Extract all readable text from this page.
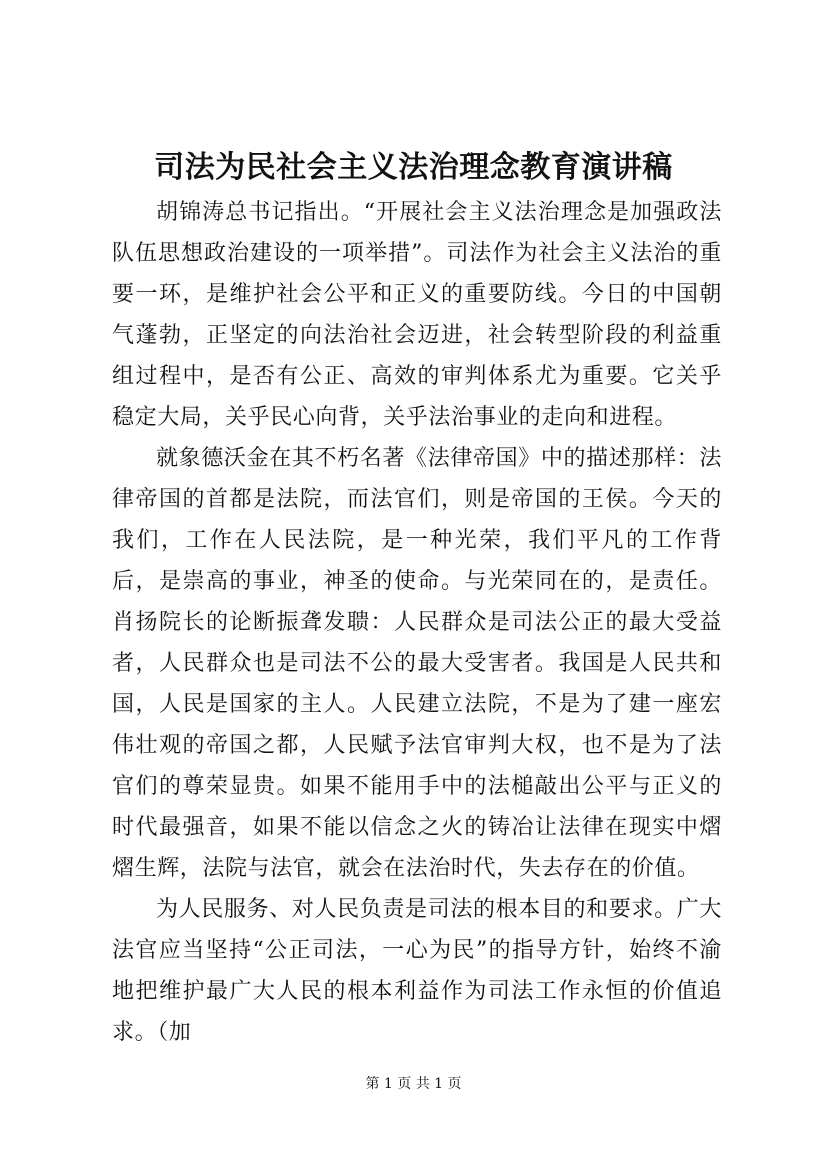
司法为民社会主义法治理念教育演讲稿

胡锦涛总书记指出。“开展社会主义法治理念是加强政法队伍思想政治建设的一项举措”。司法作为社会主义法治的重要一环，是维护社会公平和正义的重要防线。今日的中国朝气蓬勃，正坚定的向法治社会迈进，社会转型阶段的利益重组过程中，是否有公正、高效的审判体系尤为重要。它关乎稳定大局，关乎民心向背，关乎法治事业的走向和进程。

就象德沃金在其不朽名著《法律帝国》中的描述那样：法律帝国的首都是法院，而法官们，则是帝国的王侯。今天的我们，工作在人民法院，是一种光荣，我们平凡的工作背后，是崇高的事业，神圣的使命。与光荣同在的，是责任。肖扬院长的论断振聋发聩：人民群众是司法公正的最大受益者，人民群众也是司法不公的最大受害者。我国是人民共和国，人民是国家的主人。人民建立法院，不是为了建一座宏伟壮观的帝国之都，人民赋予法官审判大权，也不是为了法官们的尊荣显贵。如果不能用手中的法槌敲出公平与正义的时代最强音，如果不能以信念之火的铸冶让法律在现实中熠熠生辉，法院与法官，就会在法治时代，失去存在的价值。

为人民服务、对人民负责是司法的根本目的和要求。广大法官应当坚持“公正司法，一心为民”的指导方针，始终不渝地把维护最广大人民的根本利益作为司法工作永恒的价值追求。（加

第 1 页 共 1 页
